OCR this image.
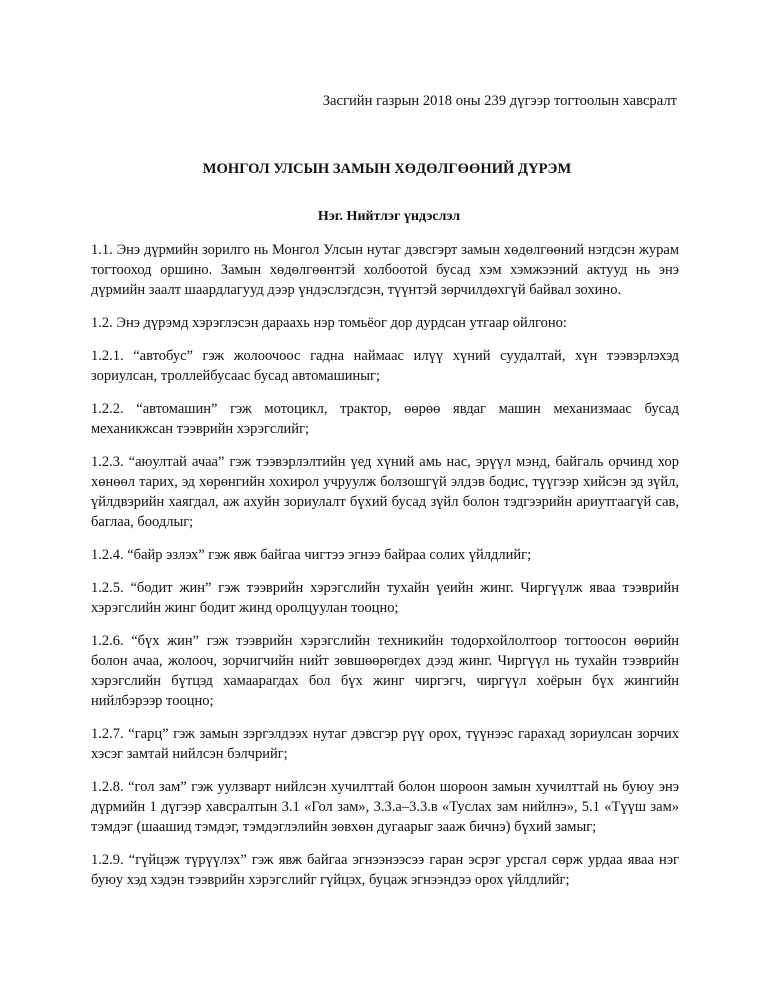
Засгийн газрын 2018 оны 239 дүгээр тогтоолын хавсралт
МОНГОЛ УЛСЫН ЗАМЫН ХӨДӨЛГӨӨНИЙ ДҮРЭМ
Нэг. Нийтлэг үндэслэл

1.1. Энэ дүрмийн зорилго нь Монгол Улсын нутаг дэвсгэрт замын хөдөлгөөний нэгдсэн журам тогтооход оршино. Замын хөдөлгөөнтэй холбоотой бусад хэм хэмжээний актууд нь энэ дүрмийн заалт шаардлагууд дээр үндэслэгдсэн, түүнтэй зөрчилдөхгүй байвал зохино.

1.2. Энэ дүрэмд хэрэглэсэн дараахь нэр томьёог дор дурдсан утгаар ойлгоно:

1.2.1. “автобус” гэж жолоочоос гадна наймаас илүү хүний суудалтай, хүн тээвэрлэхэд зориулсан, троллейбусаас бусад автомашиныг;

1.2.2. “автомашин” гэж мотоцикл, трактор, өөрөө явдаг машин механизмаас бусад механикжсан тээврийн хэрэгслийг;

1.2.3. “аюултай ачаа” гэж тээвэрлэлтийн үед хүний амь нас, эрүүл мэнд, байгаль орчинд хор хөнөөл тарих, эд хөрөнгийн хохирол учруулж болзошгүй элдэв бодис, түүгээр хийсэн эд зүйл, үйлдвэрийн хаягдал, аж ахуйн зориулалт бүхий бусад зүйл болон тэдгээрийн ариутгаагүй сав, баглаа, боодлыг;

1.2.4. “байр эзлэх” гэж явж байгаа чигтээ эгнээ байраа солих үйлдлийг;

1.2.5. “бодит жин” гэж тээврийн хэрэгслийн тухайн үеийн жинг. Чиргүүлж яваа тээврийн хэрэгслийн жинг бодит жинд оролцуулан тооцно;

1.2.6. “бүх жин” гэж тээврийн хэрэгслийн техникийн тодорхойлолтоор тогтоосон өөрийн болон ачаа, жолооч, зорчигчийн нийт зөвшөөрөгдөх дээд жинг. Чиргүүл нь тухайн тээврийн хэрэгслийн бүтцэд хамаарагдах бол бүх жинг чиргэгч, чиргүүл хоёрын бүх жингийн нийлбэрээр тооцно;

1.2.7. “гарц” гэж замын зэргэлдээх нутаг дэвсгэр рүү орох, түүнээс гарахад зориулсан зорчих хэсэг замтай нийлсэн бэлчрийг;

1.2.8. “гол зам” гэж уулзварт нийлсэн хучилттай болон шороон замын хучилттай нь буюу энэ дүрмийн 1 дүгээр хавсралтын 3.1 «Гол зам», 3.3.а–3.3.в «Туслах зам нийлнэ», 5.1 «Түүш зам» тэмдэг (шаашид тэмдэг, тэмдэглэлийн зөвхөн дугаарыг зааж бичнэ) бүхий замыг;

1.2.9. “гүйцэж түрүүлэх” гэж явж байгаа эгнээнээсээ гаран эсрэг урсгал сөрж урдаа яваа нэг буюу хэд хэдэн тээврийн хэрэгслийг гүйцэх, буцаж эгнээндээ орох үйлдлийг;
